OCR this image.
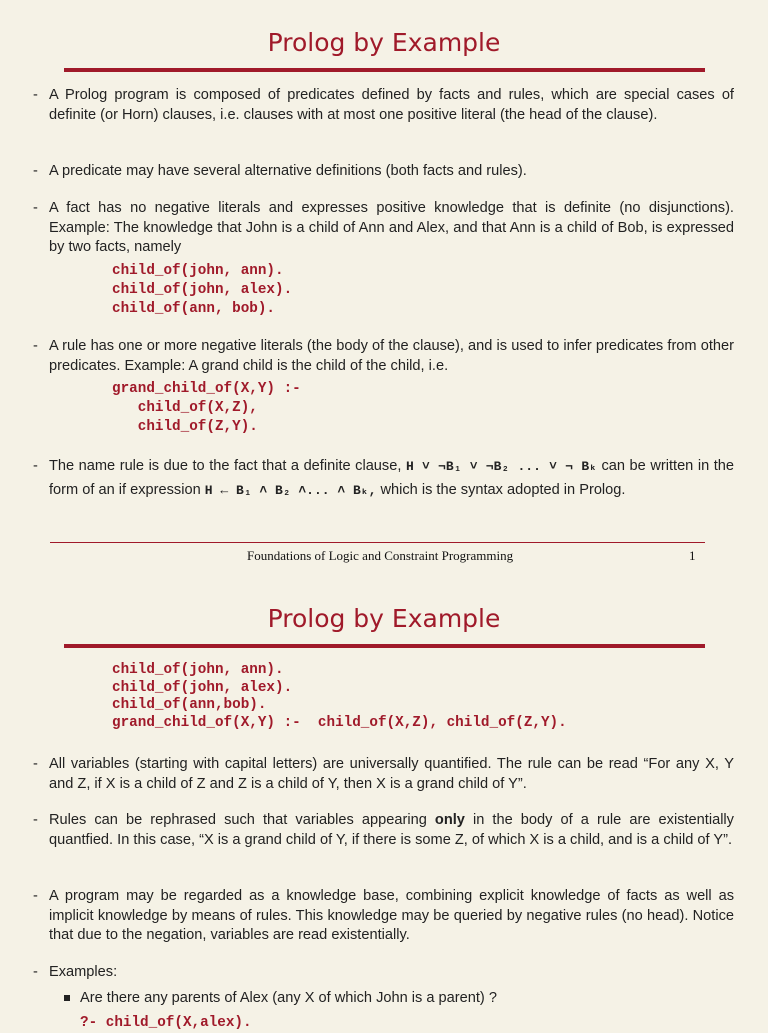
Prolog by Example
- A Prolog program is composed of predicates defined by facts and rules, which are special cases of definite (or Horn) clauses, i.e. clauses with at most one positive literal (the head of the clause).
- A predicate may have several alternative definitions (both facts and rules).
- A fact has no negative literals and expresses positive knowledge that is definite (no disjunctions). Example: The knowledge that John is a child of Ann and Alex, and that Ann is a child of Bob, is expressed by two facts, namely
child_of(john, ann).
child_of(john, alex).
child_of(ann, bob).
- A rule has one or more negative literals (the body of the clause), and is used to infer predicates from other predicates. Example: A grand child is the child of the child, i.e.
grand_child_of(X,Y) :-
child_of(X,Z),
child_of(Z,Y).
- The name rule is due to the fact that a definite clause, H ˅ ¬B₁ ˅ ¬B₂ ... ˅ ¬ Bₖ can be written in the form of an if expression H ← B₁ ˄ B₂ ˄... ˄ Bₖ, which is the syntax adopted in Prolog.
Foundations of Logic and Constraint Programming	1
Prolog by Example
child_of(john, ann).
child_of(john, alex).
child_of(ann,bob).
grand_child_of(X,Y) :-  child_of(X,Z), child_of(Z,Y).
- All variables (starting with capital letters) are universally quantified. The rule can be read “For any X, Y and Z, if X is a child of Z and Z is a child of Y, then X is a grand child of Y”.
- Rules can be rephrased such that variables appearing only in the body of a rule are existentially quantfied. In this case, “X is a grand child of Y, if there is some Z, of which X is a child, and is a child of Y”.
- A program may be regarded as a knowledge base, combining explicit knowledge of facts as well as implicit knowledge by means of rules. This knowledge may be queried by negative rules (no head). Notice that due to the negation, variables are read existentially.
- Examples:
Are there any parents of Alex (any X of which John is a parent) ?
?- child_of(X,alex).
